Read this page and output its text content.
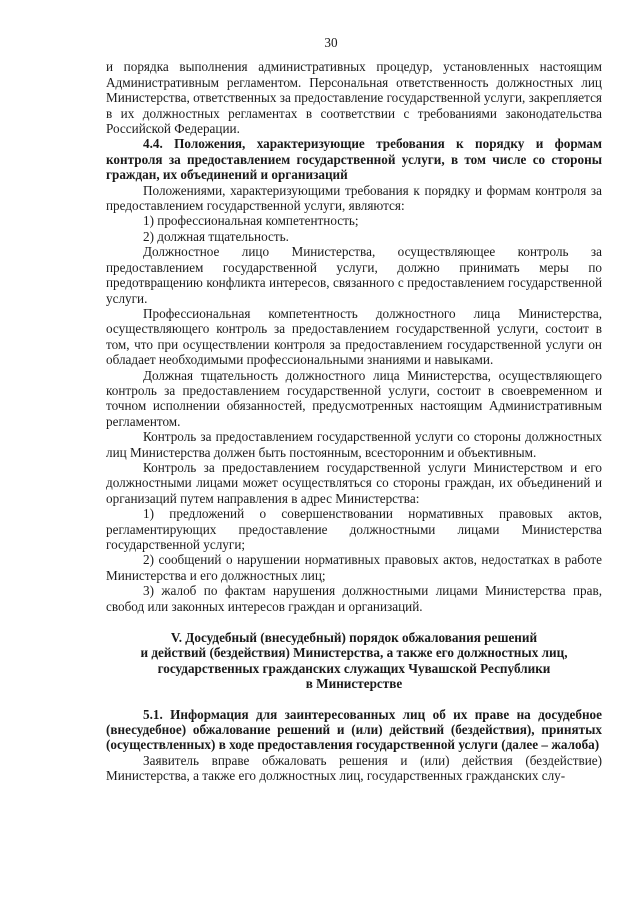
30

и порядка выполнения административных процедур, установленных настоящим Административным регламентом. Персональная ответственность должностных лиц Министерства, ответственных за предоставление государственной услуги, закрепляется в их должностных регламентах в соответствии с требованиями законодательства Российской Федерации.

4.4. Положения, характеризующие требования к порядку и формам контроля за предоставлением государственной услуги, в том числе со стороны граждан, их объединений и организаций

Положениями, характеризующими требования к порядку и формам контроля за предоставлением государственной услуги, являются:

1) профессиональная компетентность;

2) должная тщательность.

Должностное лицо Министерства, осуществляющее контроль за предоставлением государственной услуги, должно принимать меры по предотвращению конфликта интересов, связанного с предоставлением государственной услуги.

Профессиональная компетентность должностного лица Министерства, осуществляющего контроль за предоставлением государственной услуги, состоит в том, что при осуществлении контроля за предоставлением государственной услуги он обладает необходимыми профессиональными знаниями и навыками.

Должная тщательность должностного лица Министерства, осуществляющего контроль за предоставлением государственной услуги, состоит в своевременном и точном исполнении обязанностей, предусмотренных настоящим Административным регламентом.

Контроль за предоставлением государственной услуги со стороны должностных лиц Министерства должен быть постоянным, всесторонним и объективным.

Контроль за предоставлением государственной услуги Министерством и его должностными лицами может осуществляться со стороны граждан, их объединений и организаций путем направления в адрес Министерства:

1) предложений о совершенствовании нормативных правовых актов, регламентирующих предоставление должностными лицами Министерства государственной услуги;

2) сообщений о нарушении нормативных правовых актов, недостатках в работе Министерства и его должностных лиц;

3) жалоб по фактам нарушения должностными лицами Министерства прав, свобод или законных интересов граждан и организаций.

V. Досудебный (внесудебный) порядок обжалования решений

и действий (бездействия) Министерства, а также его должностных лиц,

государственных гражданских служащих Чувашской Республики

в Министерстве

5.1. Информация для заинтересованных лиц об их праве на досудебное (внесудебное) обжалование решений и (или) действий (бездействия), принятых (осуществленных) в ходе предоставления государственной услуги (далее – жалоба)

Заявитель вправе обжаловать решения и (или) действия (бездействие) Министерства, а также его должностных лиц, государственных гражданских слу-
